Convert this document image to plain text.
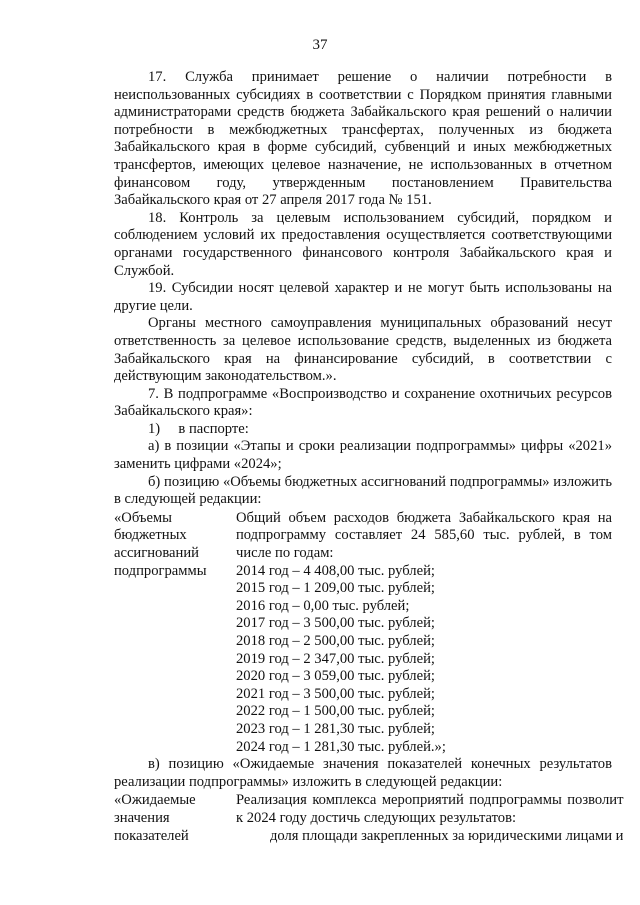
37

17. Служба принимает решение о наличии потребности в неиспользованных субсидиях в соответствии с Порядком принятия главными администраторами средств бюджета Забайкальского края решений о наличии потребности в межбюджетных трансфертах, полученных из бюджета Забайкальского края в форме субсидий, субвенций и иных межбюджетных трансфертов, имеющих целевое назначение, не использованных в отчетном финансовом году, утвержденным постановлением Правительства Забайкальского края от 27 апреля 2017 года № 151.

18. Контроль за целевым использованием субсидий, порядком и соблюдением условий их предоставления осуществляется соответствующими органами государственного финансового контроля Забайкальского края и Службой.

19. Субсидии носят целевой характер и не могут быть использованы на другие цели.

Органы местного самоуправления муниципальных образований несут ответственность за целевое использование средств, выделенных из бюджета Забайкальского края на финансирование субсидий, в соответствии с действующим законодательством.».

7. В подпрограмме «Воспроизводство и сохранение охотничьих ресурсов Забайкальского края»:

1)     в паспорте:

а) в позиции «Этапы и сроки реализации подпрограммы» цифры «2021» заменить цифрами «2024»;

б) позицию «Объемы бюджетных ассигнований подпрограммы» изложить в следующей редакции:

«Объемы
бюджетных
ассигнований
подпрограммы

Общий объем расходов бюджета Забайкальского края на подпрограмму составляет 24 585,60 тыс. рублей, в том числе по годам:

2014 год – 4 408,00 тыс. рублей;
2015 год – 1 209,00 тыс. рублей;
2016 год – 0,00 тыс. рублей;
2017 год – 3 500,00 тыс. рублей;
2018 год – 2 500,00 тыс. рублей;
2019 год – 2 347,00 тыс. рублей;
2020 год – 3 059,00 тыс. рублей;
2021 год – 3 500,00 тыс. рублей;
2022 год – 1 500,00 тыс. рублей;
2023 год – 1 281,30 тыс. рублей;
2024 год – 1 281,30 тыс. рублей.»;

в) позицию «Ожидаемые значения показателей конечных результатов реализации подпрограммы» изложить в следующей редакции:

«Ожидаемые
значения
показателей

Реализация комплекса мероприятий подпрограммы позволит к 2024 году достичь следующих результатов:

доля площади закрепленных за юридическими лицами и
